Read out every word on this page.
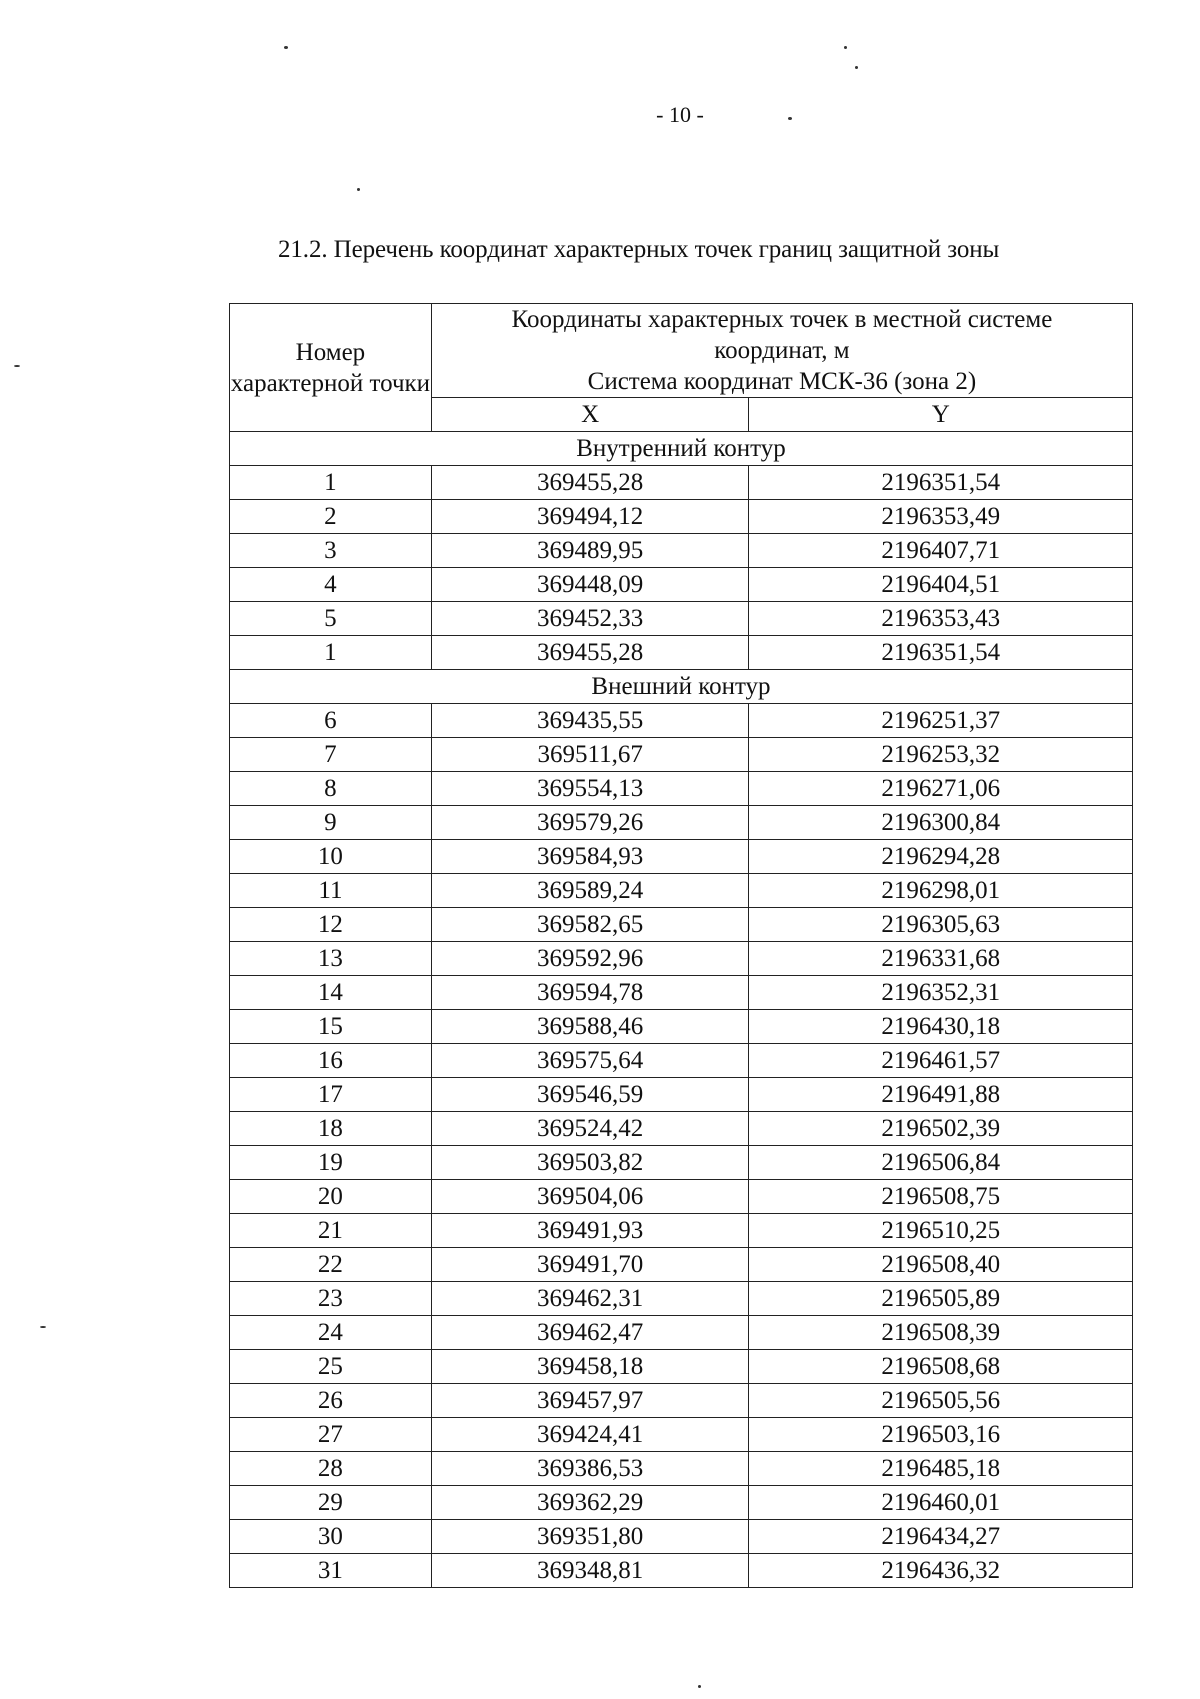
- 10 -
21.2. Перечень координат характерных точек границ защитной зоны
Номер характерной точки	Координаты характерных точек в местной системе координат, м
Система координат МСК-36 (зона 2)	

	X	Y
Внутренний контур		
1	369455,28	2196351,54
2	369494,12	2196353,49
3	369489,95	2196407,71
4	369448,09	2196404,51
5	369452,33	2196353,43
1	369455,28	2196351,54
Внешний контур		
6	369435,55	2196251,37
7	369511,67	2196253,32
8	369554,13	2196271,06
9	369579,26	2196300,84
10	369584,93	2196294,28
11	369589,24	2196298,01
12	369582,65	2196305,63
13	369592,96	2196331,68
14	369594,78	2196352,31
15	369588,46	2196430,18
16	369575,64	2196461,57
17	369546,59	2196491,88
18	369524,42	2196502,39
19	369503,82	2196506,84
20	369504,06	2196508,75
21	369491,93	2196510,25
22	369491,70	2196508,40
23	369462,31	2196505,89
24	369462,47	2196508,39
25	369458,18	2196508,68
26	369457,97	2196505,56
27	369424,41	2196503,16
28	369386,53	2196485,18
29	369362,29	2196460,01
30	369351,80	2196434,27
31	369348,81	2196436,32
